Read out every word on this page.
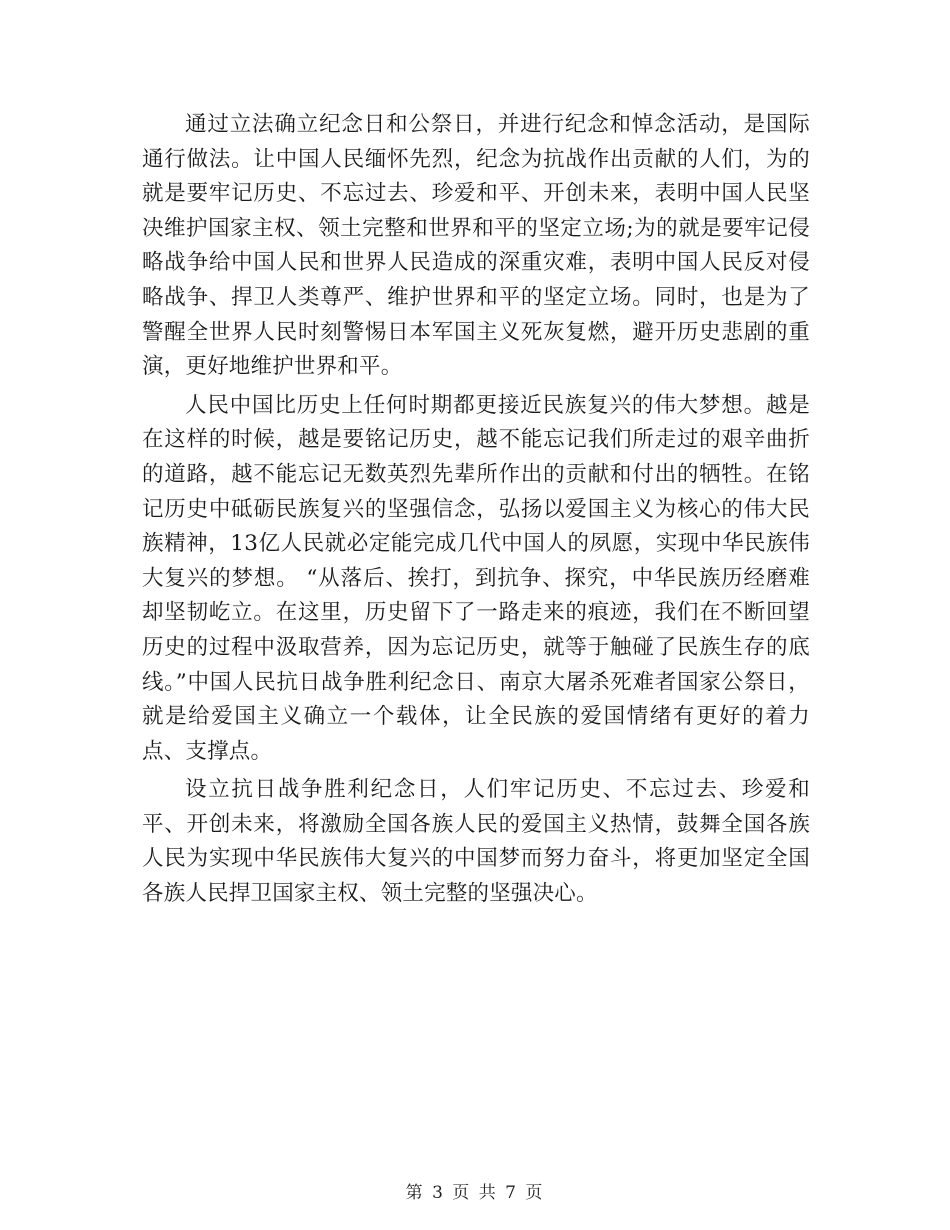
通过立法确立纪念日和公祭日，并进行纪念和悼念活动，是国际通行做法。让中国人民缅怀先烈，纪念为抗战作出贡献的人们，为的就是要牢记历史、不忘过去、珍爱和平、开创未来，表明中国人民坚决维护国家主权、领土完整和世界和平的坚定立场;为的就是要牢记侵略战争给中国人民和世界人民造成的深重灾难，表明中国人民反对侵略战争、捍卫人类尊严、维护世界和平的坚定立场。同时，也是为了警醒全世界人民时刻警惕日本军国主义死灰复燃，避开历史悲剧的重演，更好地维护世界和平。

人民中国比历史上任何时期都更接近民族复兴的伟大梦想。越是在这样的时候，越是要铭记历史，越不能忘记我们所走过的艰辛曲折的道路，越不能忘记无数英烈先辈所作出的贡献和付出的牺牲。在铭记历史中砥砺民族复兴的坚强信念，弘扬以爱国主义为核心的伟大民族精神，13亿人民就必定能完成几代中国人的夙愿，实现中华民族伟大复兴的梦想。 “从落后、挨打，到抗争、探究，中华民族历经磨难却坚韧屹立。在这里，历史留下了一路走来的痕迹，我们在不断回望历史的过程中汲取营养，因为忘记历史，就等于触碰了民族生存的底线。”中国人民抗日战争胜利纪念日、南京大屠杀死难者国家公祭日，就是给爱国主义确立一个载体，让全民族的爱国情绪有更好的着力点、支撑点。

设立抗日战争胜利纪念日，人们牢记历史、不忘过去、珍爱和平、开创未来，将激励全国各族人民的爱国主义热情，鼓舞全国各族人民为实现中华民族伟大复兴的中国梦而努力奋斗，将更加坚定全国各族人民捍卫国家主权、领土完整的坚强决心。

第 3 页 共 7 页
